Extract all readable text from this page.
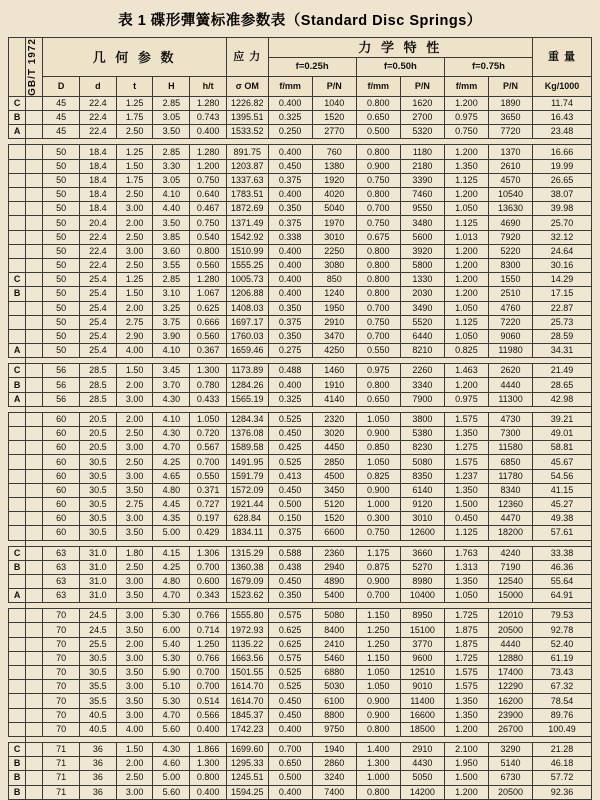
表 1 碟形彈簧标准参数表（Standard Disc Springs）

	GB/T 1972	几 何 参 数					应 力	力 学 特 性						重 量

								f=0.25h		f=0.50h		f=0.75h		
		D	d	t	H	h/t	σ OM	f/mm	P/N	f/mm	P/N	f/mm	P/N	Kg/1000
C		45	22.4	1.25	2.85	1.280	1226.82	0.400	1040	0.800	1620	1.200	1890	11.74
B		45	22.4	1.75	3.05	0.743	1395.51	0.325	1520	0.650	2700	0.975	3650	16.43
A		45	22.4	2.50	3.50	0.400	1533.52	0.250	2770	0.500	5320	0.750	7720	23.48

		50	18.4	1.25	2.85	1.280	891.75	0.400	760	0.800	1180	1.200	1370	16.66
		50	18.4	1.50	3.30	1.200	1203.87	0.450	1380	0.900	2180	1.350	2610	19.99
		50	18.4	1.75	3.05	0.750	1337.63	0.375	1920	0.750	3390	1.125	4570	26.65
		50	18.4	2.50	4.10	0.640	1783.51	0.400	4020	0.800	7460	1.200	10540	38.07
		50	18.4	3.00	4.40	0.467	1872.69	0.350	5040	0.700	9550	1.050	13630	39.98
		50	20.4	2.00	3.50	0.750	1371.49	0.375	1970	0.750	3480	1.125	4690	25.70
		50	22.4	2.50	3.85	0.540	1542.92	0.338	3010	0.675	5600	1.013	7920	32.12
		50	22.4	3.00	3.60	0.800	1510.99	0.400	2250	0.800	3920	1.200	5220	24.64
		50	22.4	2.50	3.55	0.560	1555.25	0.400	3080	0.800	5800	1.200	8300	30.16
C		50	25.4	1.25	2.85	1.280	1005.73	0.400	850	0.800	1330	1.200	1550	14.29
B		50	25.4	1.50	3.10	1.067	1206.88	0.400	1240	0.800	2030	1.200	2510	17.15
		50	25.4	2.00	3.25	0.625	1408.03	0.350	1950	0.700	3490	1.050	4760	22.87
		50	25.4	2.75	3.75	0.666	1697.17	0.375	2910	0.750	5520	1.125	7220	25.73
		50	25.4	2.90	3.90	0.560	1760.03	0.350	3470	0.700	6440	1.050	9060	28.59
A		50	25.4	4.00	4.10	0.367	1659.46	0.275	4250	0.550	8210	0.825	11980	34.31

C		56	28.5	1.50	3.45	1.300	1173.89	0.488	1460	0.975	2260	1.463	2620	21.49
B		56	28.5	2.00	3.70	0.780	1284.26	0.400	1910	0.800	3340	1.200	4440	28.65
A		56	28.5	3.00	4.30	0.433	1565.19	0.325	4140	0.650	7900	0.975	11300	42.98

		60	20.5	2.00	4.10	1.050	1284.34	0.525	2320	1.050	3800	1.575	4730	39.21
		60	20.5	2.50	4.30	0.720	1376.08	0.450	3020	0.900	5380	1.350	7300	49.01
		60	20.5	3.00	4.70	0.567	1589.58	0.425	4450	0.850	8230	1.275	11580	58.81
		60	30.5	2.50	4.25	0.700	1491.95	0.525	2850	1.050	5080	1.575	6850	45.67
		60	30.5	3.00	4.65	0.550	1591.79	0.413	4500	0.825	8350	1.237	11780	54.56
		60	30.5	3.50	4.80	0.371	1572.09	0.450	3450	0.900	6140	1.350	8340	41.15
		60	30.5	2.75	4.45	0.727	1921.44	0.500	5120	1.000	9120	1.500	12360	45.27
		60	30.5	3.00	4.35	0.197	628.84	0.150	1520	0.300	3010	0.450	4470	49.38
		60	30.5	3.50	5.00	0.429	1834.11	0.375	6600	0.750	12600	1.125	18200	57.61

C		63	31.0	1.80	4.15	1.306	1315.29	0.588	2360	1.175	3660	1.763	4240	33.38
B		63	31.0	2.50	4.25	0.700	1360.38	0.438	2940	0.875	5270	1.313	7190	46.36
		63	31.0	3.00	4.80	0.600	1679.09	0.450	4890	0.900	8980	1.350	12540	55.64
A		63	31.0	3.50	4.70	0.343	1523.62	0.350	5400	0.700	10400	1.050	15000	64.91

		70	24.5	3.00	5.30	0.766	1555.80	0.575	5080	1.150	8950	1.725	12010	79.53
		70	24.5	3.50	6.00	0.714	1972.93	0.625	8400	1.250	15100	1.875	20500	92.78
		70	25.5	2.00	5.40	1.250	1135.22	0.625	2410	1.250	3770	1.875	4440	52.40
		70	30.5	3.00	5.30	0.766	1663.56	0.575	5460	1.150	9600	1.725	12880	61.19
		70	30.5	3.50	5.90	0.700	1501.55	0.525	6880	1.050	12510	1.575	17400	73.43
		70	35.5	3.00	5.10	0.700	1614.70	0.525	5030	1.050	9010	1.575	12290	67.32
		70	35.5	3.50	5.30	0.514	1614.70	0.450	6100	0.900	11400	1.350	16200	78.54
		70	40.5	3.00	4.70	0.566	1845.37	0.450	8800	0.900	16600	1.350	23900	89.76
		70	40.5	4.00	5.60	0.400	1742.23	0.400	9750	0.800	18500	1.200	26700	100.49

C		71	36	1.50	4.30	1.866	1699.60	0.700	1940	1.400	2910	2.100	3290	21.28
B		71	36	2.00	4.60	1.300	1295.33	0.650	2860	1.300	4430	1.950	5140	46.18
B		71	36	2.50	5.00	0.800	1245.51	0.500	3240	1.000	5050	1.500	6730	57.72
B		71	36	3.00	5.60	0.400	1594.25	0.400	7400	0.800	14200	1.200	20500	92.36
